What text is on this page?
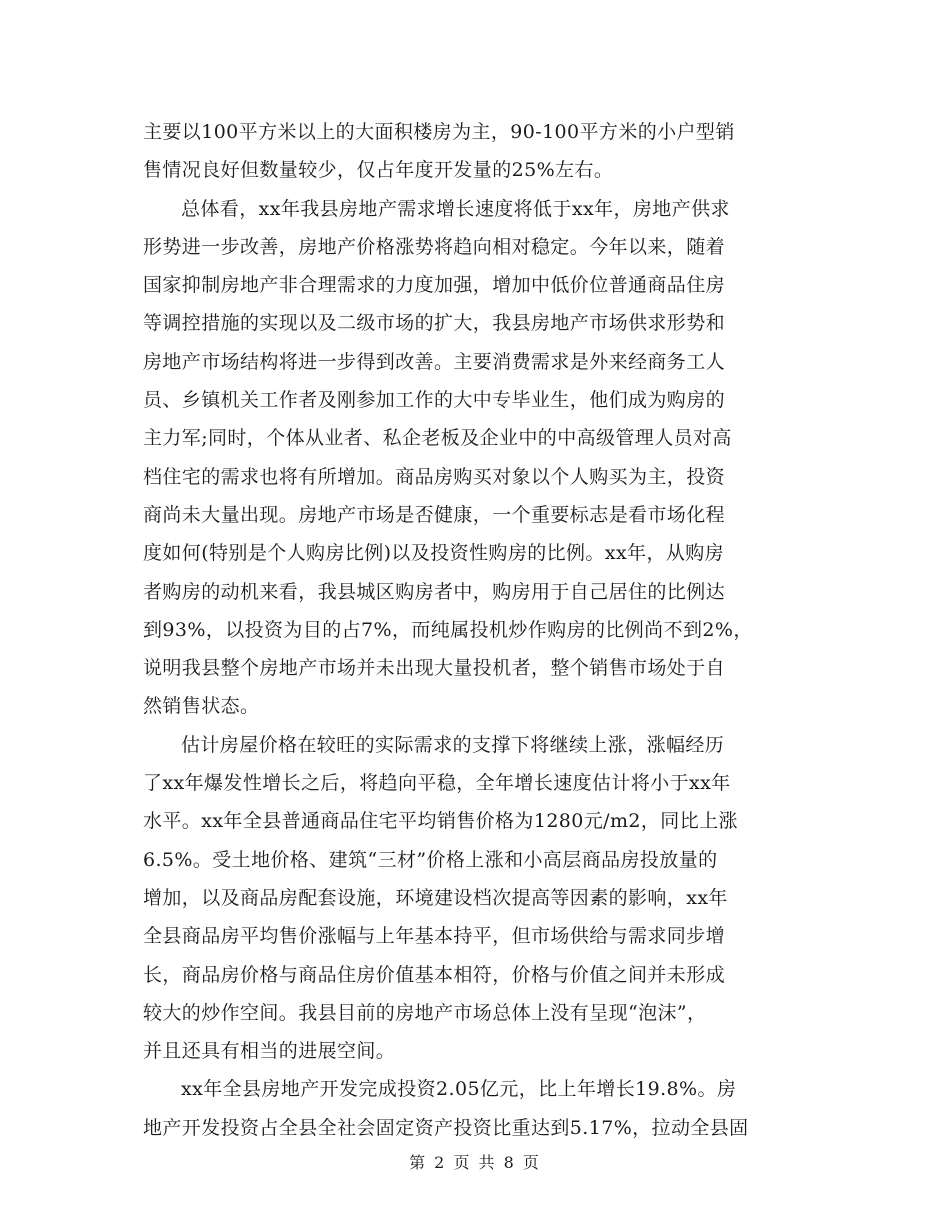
主要以100平方米以上的大面积楼房为主，90-100平方米的小户型销
售情况良好但数量较少，仅占年度开发量的25%左右。
总体看，xx年我县房地产需求增长速度将低于xx年，房地产供求
形势进一步改善，房地产价格涨势将趋向相对稳定。今年以来，随着
国家抑制房地产非合理需求的力度加强，增加中低价位普通商品住房
等调控措施的实现以及二级市场的扩大，我县房地产市场供求形势和
房地产市场结构将进一步得到改善。主要消费需求是外来经商务工人
员、乡镇机关工作者及刚参加工作的大中专毕业生，他们成为购房的
主力军;同时，个体从业者、私企老板及企业中的中高级管理人员对高
档住宅的需求也将有所增加。商品房购买对象以个人购买为主，投资
商尚未大量出现。房地产市场是否健康，一个重要标志是看市场化程
度如何(特别是个人购房比例)以及投资性购房的比例。xx年，从购房
者购房的动机来看，我县城区购房者中，购房用于自己居住的比例达
到93%，以投资为目的占7%，而纯属投机炒作购房的比例尚不到2%，
说明我县整个房地产市场并未出现大量投机者，整个销售市场处于自
然销售状态。
估计房屋价格在较旺的实际需求的支撑下将继续上涨，涨幅经历
了xx年爆发性增长之后，将趋向平稳，全年增长速度估计将小于xx年
水平。xx年全县普通商品住宅平均销售价格为1280元/m2，同比上涨
6.5%。受土地价格、建筑“三材”价格上涨和小高层商品房投放量的
增加，以及商品房配套设施，环境建设档次提高等因素的影响，xx年
全县商品房平均售价涨幅与上年基本持平，但市场供给与需求同步增
长，商品房价格与商品住房价值基本相符，价格与价值之间并未形成
较大的炒作空间。我县目前的房地产市场总体上没有呈现“泡沫”，
并且还具有相当的进展空间。
xx年全县房地产开发完成投资2.05亿元，比上年增长19.8%。房
地产开发投资占全县全社会固定资产投资比重达到5.17%，拉动全县固
第 2 页 共 8 页
